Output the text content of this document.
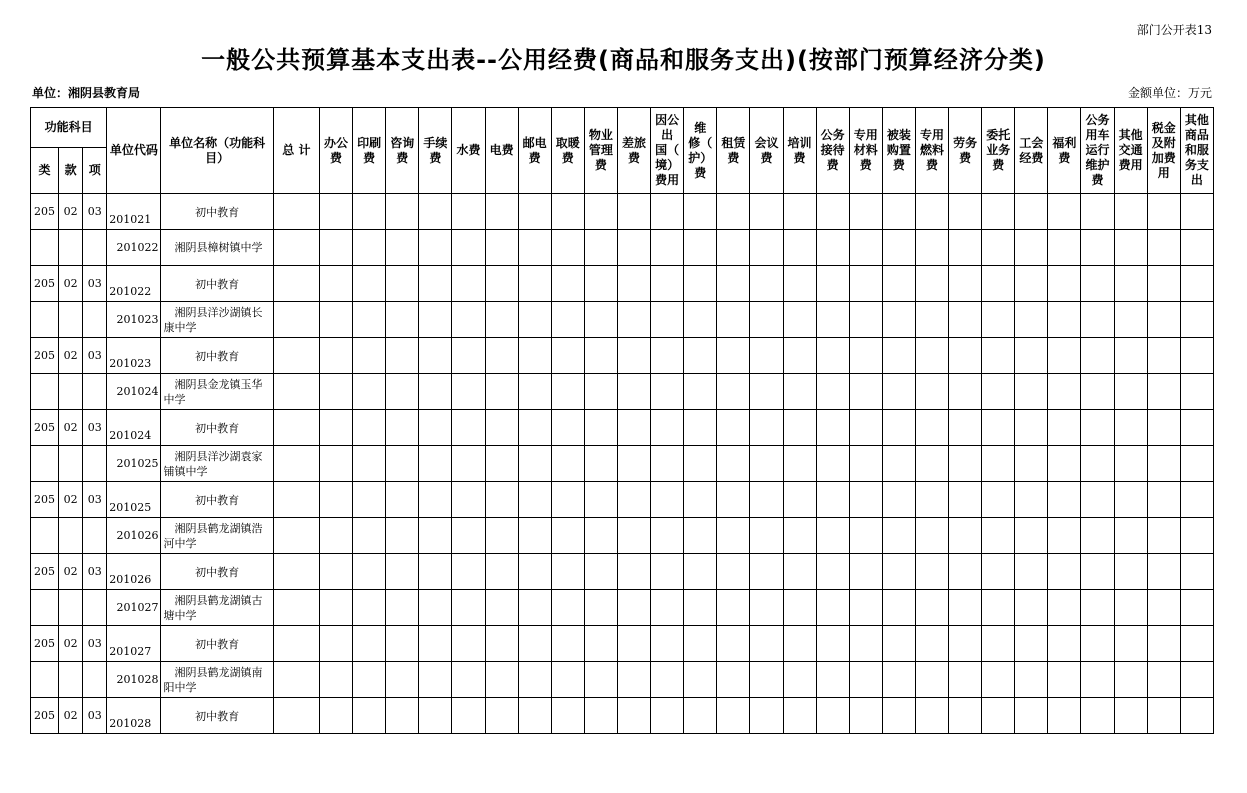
部门公开表13
一般公共预算基本支出表--公用经费(商品和服务支出)(按部门预算经济分类)
单位：湘阴县教育局	金额单位：万元
功能科目			单位代码	单位名称（功能科目）	总 计	办公费	印刷费	咨询费	手续费	水费	电费	邮电费	取暖费	物业
管理
费	差旅费	因公
出
国（
境）
费用	维
修（
护）
费	租赁费	会议费	培训费	公务
接待
费	专用
材料
费	被装
购置
费	专用
燃料
费	劳务费	委托
业务
费	工会
经费	福利费	公务
用车
运行
维护
费	其他
交通
费用	税金
及附
加费
用	其他
商品
和服
务支
出
类	款	项																														
205	02	03	201021	初中教育																												
			201022	湘阴县樟树镇中学																												

205	02	03	201022	初中教育																												
			201023	湘阴县洋沙湖镇长
康中学																												

205	02	03	201023	初中教育																												
			201024	湘阴县金龙镇玉华
中学																												

205	02	03	201024	初中教育																												
			201025	湘阴县洋沙湖袁家
铺镇中学																												

205	02	03	201025	初中教育																												
			201026	湘阴县鹤龙湖镇浩
河中学																												

205	02	03	201026	初中教育																												
			201027	湘阴县鹤龙湖镇古
塘中学																												

205	02	03	201027	初中教育																												
			201028	湘阴县鹤龙湖镇南
阳中学																												

205	02	03	201028	初中教育																												
